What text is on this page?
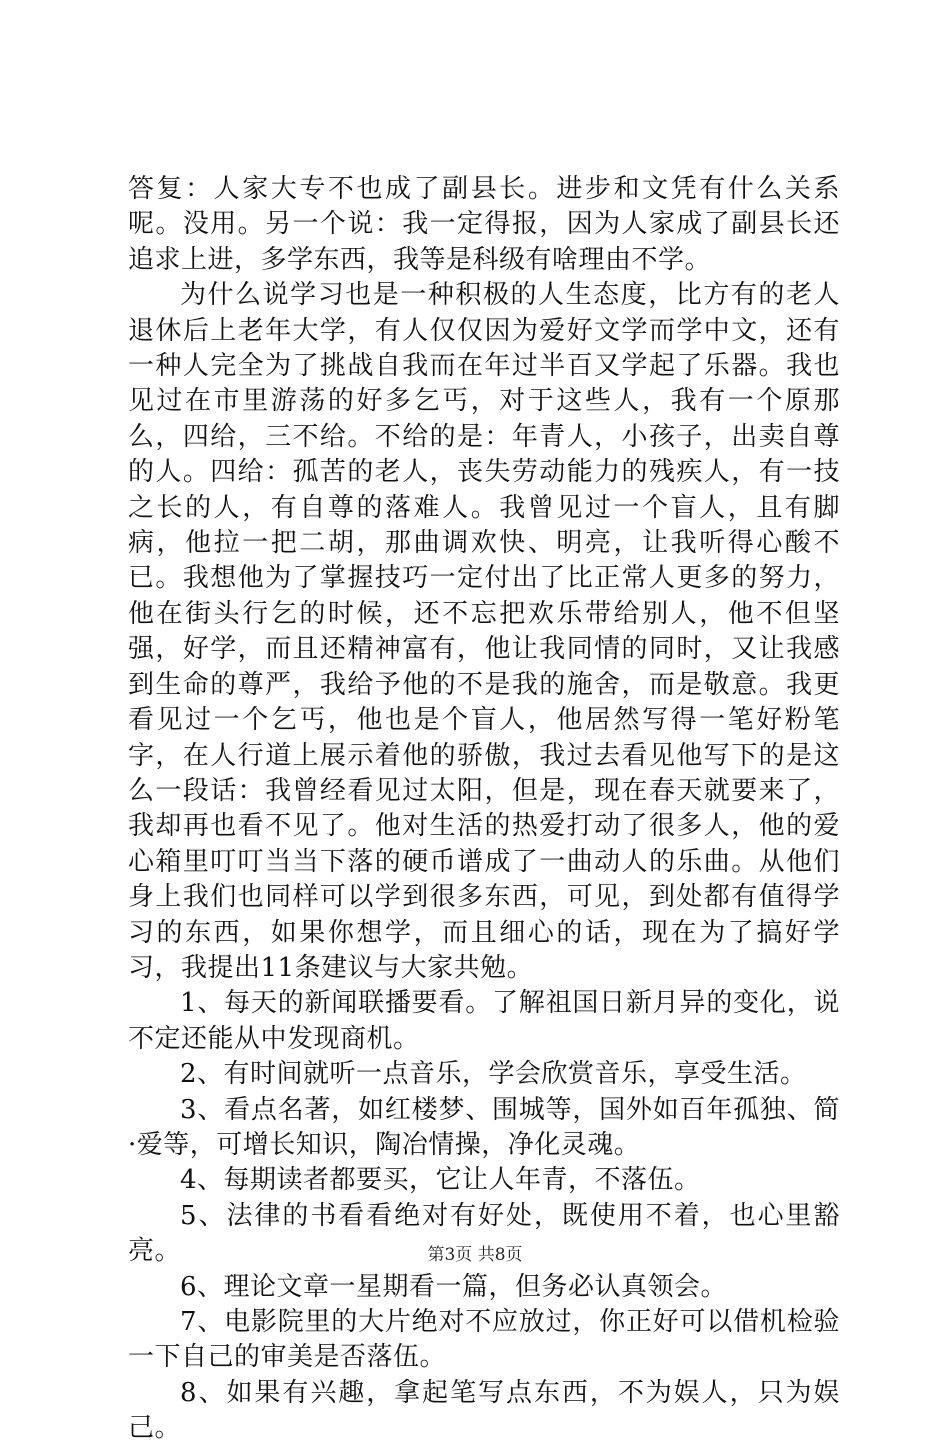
答复：人家大专不也成了副县长。进步和文凭有什么关系呢。没用。另一个说：我一定得报，因为人家成了副县长还追求上进，多学东西，我等是科级有啥理由不学。

为什么说学习也是一种积极的人生态度，比方有的老人退休后上老年大学，有人仅仅因为爱好文学而学中文，还有一种人完全为了挑战自我而在年过半百又学起了乐器。我也见过在市里游荡的好多乞丐，对于这些人，我有一个原那么，四给，三不给。不给的是：年青人，小孩子，出卖自尊的人。四给：孤苦的老人，丧失劳动能力的残疾人，有一技之长的人，有自尊的落难人。我曾见过一个盲人，且有脚病，他拉一把二胡，那曲调欢快、明亮，让我听得心酸不已。我想他为了掌握技巧一定付出了比正常人更多的努力，他在街头行乞的时候，还不忘把欢乐带给别人，他不但坚强，好学，而且还精神富有，他让我同情的同时，又让我感到生命的尊严，我给予他的不是我的施舍，而是敬意。我更看见过一个乞丐，他也是个盲人，他居然写得一笔好粉笔字，在人行道上展示着他的骄傲，我过去看见他写下的是这么一段话：我曾经看见过太阳，但是，现在春天就要来了，我却再也看不见了。他对生活的热爱打动了很多人，他的爱心箱里叮叮当当下落的硬币谱成了一曲动人的乐曲。从他们身上我们也同样可以学到很多东西，可见，到处都有值得学习的东西，如果你想学，而且细心的话，现在为了搞好学习，我提出11条建议与大家共勉。

1、每天的新闻联播要看。了解祖国日新月异的变化，说不定还能从中发现商机。

2、有时间就听一点音乐，学会欣赏音乐，享受生活。

3、看点名著，如红楼梦、围城等，国外如百年孤独、简·爱等，可增长知识，陶冶情操，净化灵魂。

4、每期读者都要买，它让人年青，不落伍。

5、法律的书看看绝对有好处，既使用不着，也心里豁亮。

6、理论文章一星期看一篇，但务必认真领会。

7、电影院里的大片绝对不应放过，你正好可以借机检验一下自己的审美是否落伍。

8、如果有兴趣，拿起笔写点东西，不为娱人，只为娱己。

第3页 共8页
